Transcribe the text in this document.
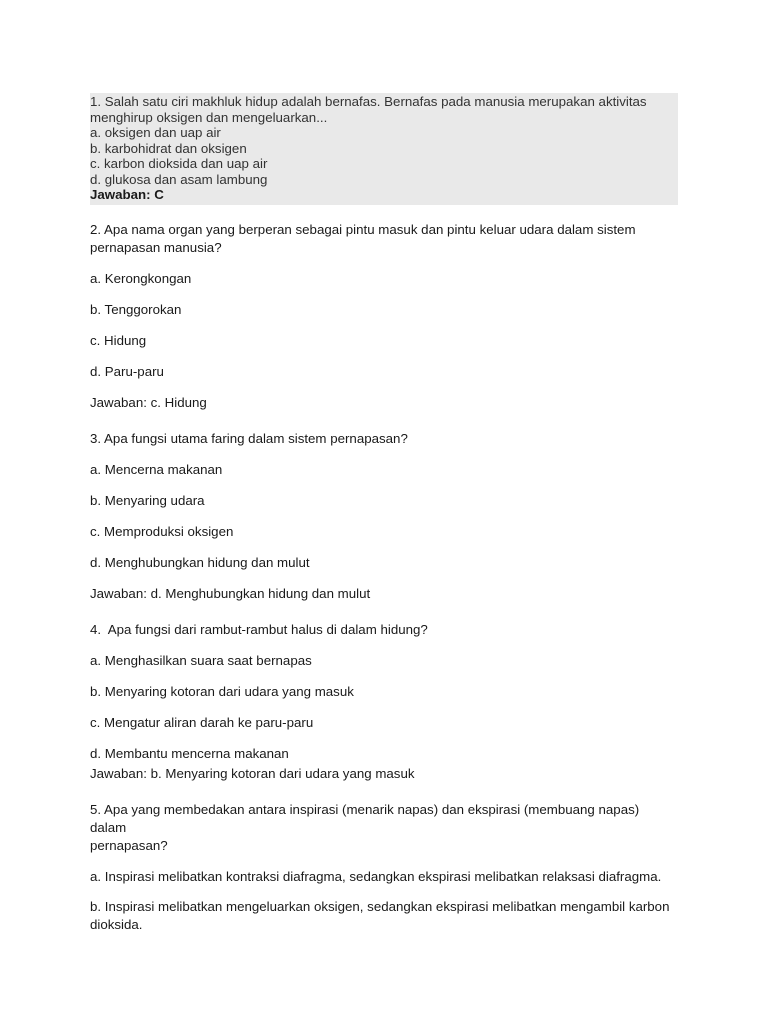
1. Salah satu ciri makhluk hidup adalah bernafas. Bernafas pada manusia merupakan aktivitas
menghirup oksigen dan mengeluarkan...
a. oksigen dan uap air
b. karbohidrat dan oksigen
c. karbon dioksida dan uap air
d. glukosa dan asam lambung
Jawaban: C

2. Apa nama organ yang berperan sebagai pintu masuk dan pintu keluar udara dalam sistem
pernapasan manusia?

a. Kerongkongan

b. Tenggorokan

c. Hidung

d. Paru-paru

Jawaban: c. Hidung

3. Apa fungsi utama faring dalam sistem pernapasan?

a. Mencerna makanan

b. Menyaring udara

c. Memproduksi oksigen

d. Menghubungkan hidung dan mulut

Jawaban: d. Menghubungkan hidung dan mulut

4.  Apa fungsi dari rambut-rambut halus di dalam hidung?

a. Menghasilkan suara saat bernapas

b. Menyaring kotoran dari udara yang masuk

c. Mengatur aliran darah ke paru-paru

d. Membantu mencerna makanan

Jawaban: b. Menyaring kotoran dari udara yang masuk

5. Apa yang membedakan antara inspirasi (menarik napas) dan ekspirasi (membuang napas) dalam
pernapasan?

a. Inspirasi melibatkan kontraksi diafragma, sedangkan ekspirasi melibatkan relaksasi diafragma.

b. Inspirasi melibatkan mengeluarkan oksigen, sedangkan ekspirasi melibatkan mengambil karbon
dioksida.
